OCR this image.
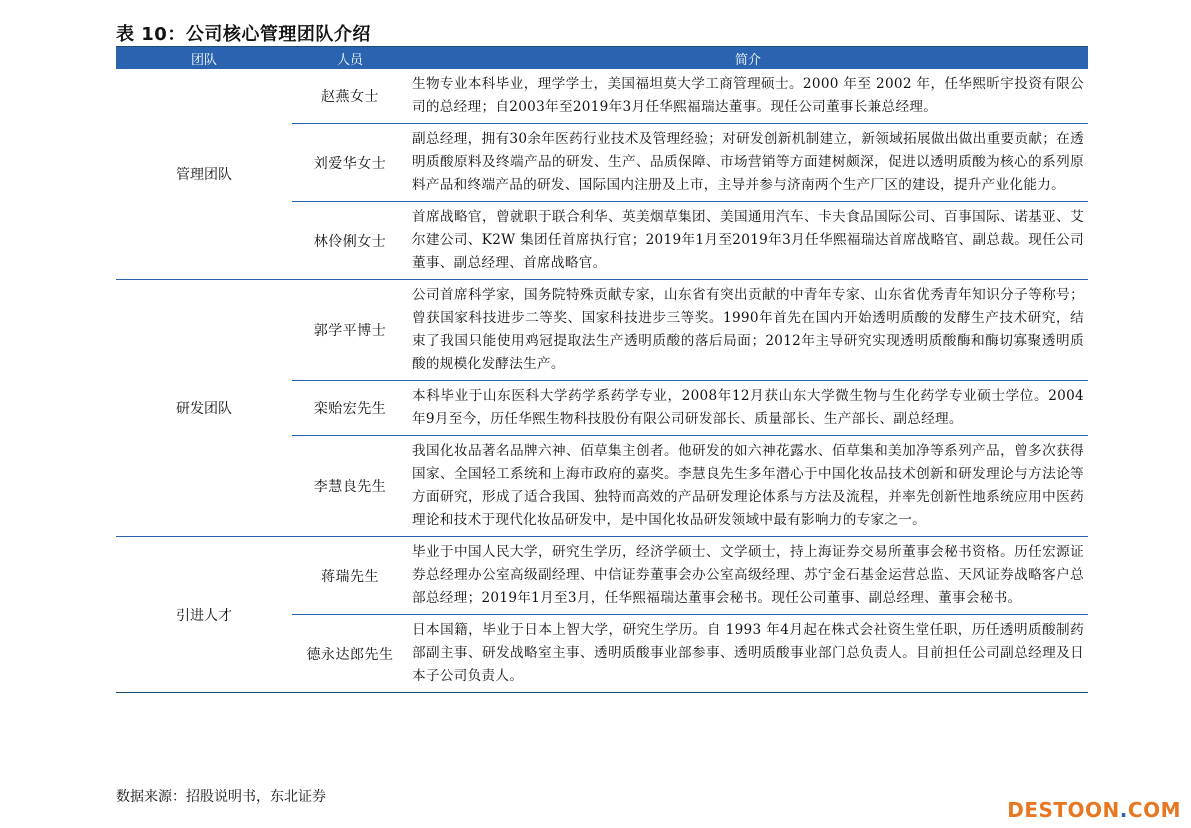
表 10：公司核心管理团队介绍
团队	人员	简介
管理团队
赵燕女士
生物专业本科毕业，理学学士，美国福坦莫大学工商管理硕士。2000 年至 2002 年，任华熙昕宇投资有限公司的总经理；自2003年至2019年3月任华熙福瑞达董事。现任公司董事长兼总经理。
刘爱华女士
副总经理，拥有30余年医药行业技术及管理经验；对研发创新机制建立，新领域拓展做出做出重要贡献；在透明质酸原料及终端产品的研发、生产、品质保障、市场营销等方面建树颇深，促进以透明质酸为核心的系列原料产品和终端产品的研发、国际国内注册及上市，主导并参与济南两个生产厂区的建设，提升产业化能力。
林伶俐女士
首席战略官，曾就职于联合利华、英美烟草集团、美国通用汽车、卡夫食品国际公司、百事国际、诺基亚、艾尔建公司、K2W 集团任首席执行官；2019年1月至2019年3月任华熙福瑞达首席战略官、副总裁。现任公司董事、副总经理、首席战略官。
研发团队
郭学平博士
公司首席科学家，国务院特殊贡献专家，山东省有突出贡献的中青年专家、山东省优秀青年知识分子等称号；曾获国家科技进步二等奖、国家科技进步三等奖。1990年首先在国内开始透明质酸的发酵生产技术研究，结束了我国只能使用鸡冠提取法生产透明质酸的落后局面；2012年主导研究实现透明质酸酶和酶切寡聚透明质酸的规模化发酵法生产。
栾贻宏先生
本科毕业于山东医科大学药学系药学专业，2008年12月获山东大学微生物与生化药学专业硕士学位。2004年9月至今，历任华熙生物科技股份有限公司研发部长、质量部长、生产部长、副总经理。
李慧良先生
我国化妆品著名品牌六神、佰草集主创者。他研发的如六神花露水、佰草集和美加净等系列产品，曾多次获得国家、全国轻工系统和上海市政府的嘉奖。李慧良先生多年潜心于中国化妆品技术创新和研发理论与方法论等方面研究，形成了适合我国、独特而高效的产品研发理论体系与方法及流程，并率先创新性地系统应用中医药理论和技术于现代化妆品研发中，是中国化妆品研发领域中最有影响力的专家之一。
引进人才
蒋瑞先生
毕业于中国人民大学，研究生学历，经济学硕士、文学硕士，持上海证券交易所董事会秘书资格。历任宏源证券总经理办公室高级副经理、中信证券董事会办公室高级经理、苏宁金石基金运营总监、天风证券战略客户总部总经理；2019年1月至3月，任华熙福瑞达董事会秘书。现任公司董事、副总经理、董事会秘书。
德永达郎先生
日本国籍，毕业于日本上智大学，研究生学历。自 1993 年4月起在株式会社资生堂任职，历任透明质酸制药部副主事、研发战略室主事、透明质酸事业部参事、透明质酸事业部门总负责人。目前担任公司副总经理及日本子公司负责人。
数据来源：招股说明书，东北证券
DESTOON.COM
